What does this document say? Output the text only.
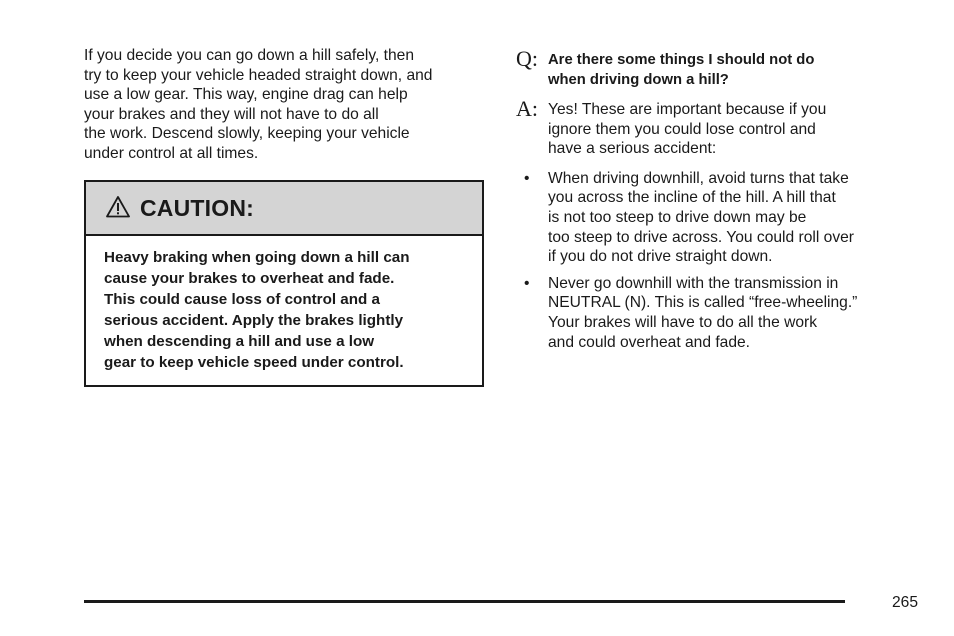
If you decide you can go down a hill safely, then

try to keep your vehicle headed straight down, and

use a low gear. This way, engine drag can help

your brakes and they will not have to do all

the work. Descend slowly, keeping your vehicle

under control at all times.

CAUTION:

Heavy braking when going down a hill can

cause your brakes to overheat and fade.

This could cause loss of control and a

serious accident. Apply the brakes lightly

when descending a hill and use a low

gear to keep vehicle speed under control.

Q: Are there some things I should not do

when driving down a hill?

A: Yes! These are important because if you

ignore them you could lose control and

have a serious accident:

• When driving downhill, avoid turns that take

you across the incline of the hill. A hill that

is not too steep to drive down may be

too steep to drive across. You could roll over

if you do not drive straight down.

• Never go downhill with the transmission in

NEUTRAL (N). This is called “free-wheeling.”

Your brakes will have to do all the work

and could overheat and fade.

265
